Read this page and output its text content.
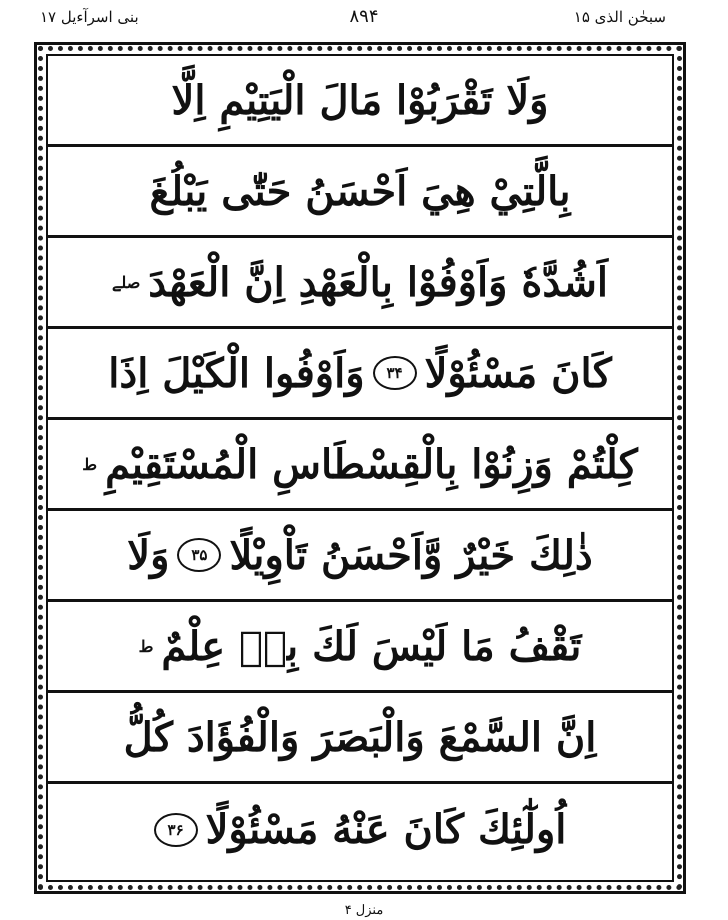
بنی اسرآءیل ۱۷	۸۹۴	سبحٰن الذی ۱۵
وَلَا تَقْرَبُوْا مَالَ الْيَتِيْمِ اِلَّا
بِالَّتِيْ هِيَ اَحْسَنُ حَتّٰى يَبْلُغَ
اَشُدَّهٗ وَاَوْفُوْا بِالْعَهْدِ اِنَّ الْعَهْدَ
صلے
كَانَ مَسْئُوْلًا
۳۴
وَاَوْفُوا الْكَيْلَ اِذَا
كِلْتُمْ وَزِنُوْا بِالْقِسْطَاسِ الْمُسْتَقِيْمِ
ط
ذٰلِكَ خَيْرٌ وَّاَحْسَنُ تَاْوِيْلًا
۳۵
وَلَا
تَقْفُ مَا لَيْسَ لَكَ بِهٖ عِلْمٌ
ط
اِنَّ السَّمْعَ وَالْبَصَرَ وَالْفُؤَادَ كُلُّ
اُولٰٓئِكَ كَانَ عَنْهُ مَسْئُوْلًا
۳۶
منزل ۴
